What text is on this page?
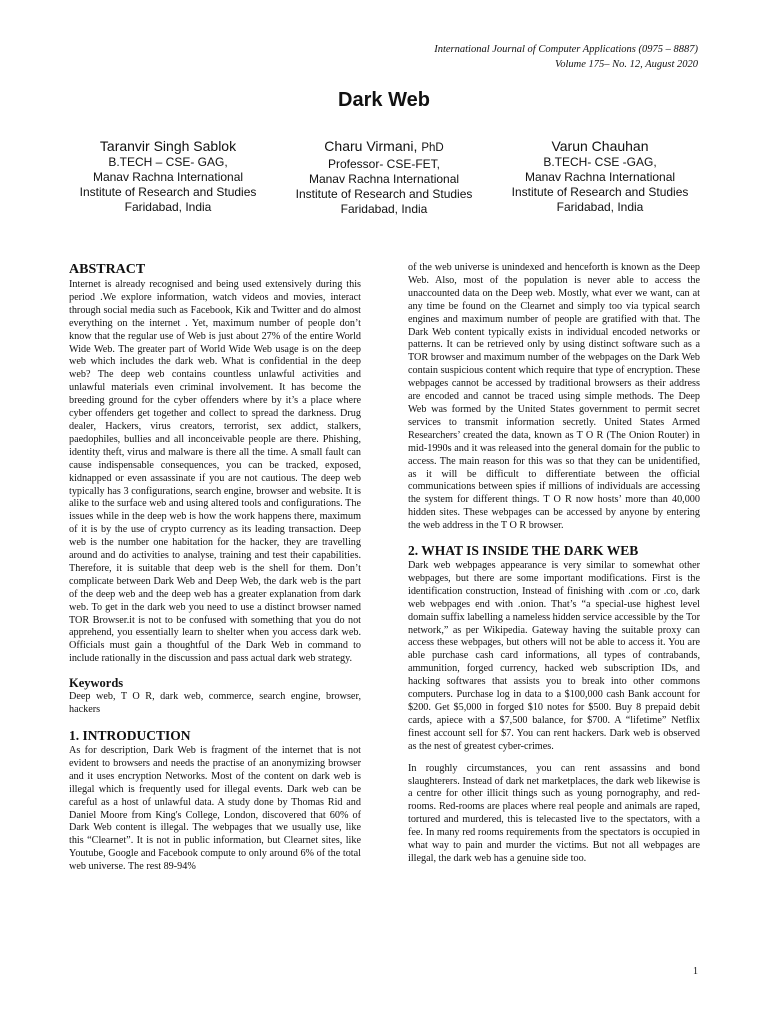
International Journal of Computer Applications (0975 – 8887)
Volume 175– No. 12, August 2020
Dark Web
Taranvir Singh Sablok
B.TECH – CSE- GAG,
Manav Rachna International
Institute of Research and Studies
Faridabad, India
Charu Virmani, PhD
Professor- CSE-FET,
Manav Rachna International
Institute of Research and Studies
Faridabad, India
Varun Chauhan
B.TECH- CSE -GAG,
Manav Rachna International
Institute of Research and Studies
Faridabad, India
ABSTRACT

Internet is already recognised and being used extensively during this period .We explore information, watch videos and movies, interact through social media such as Facebook, Kik and Twitter and do almost everything on the internet . Yet, maximum number of people don’t know that the regular use of Web is just about 27% of the entire World Wide Web. The greater part of World Wide Web usage is on the deep web which includes the dark web. What is confidential in the deep web? The deep web contains countless unlawful activities and unlawful materials even criminal involvement. It has become the breeding ground for the cyber offenders where by it’s a place where cyber offenders get together and collect to spread the darkness. Drug dealer, Hackers, virus creators, terrorist, sex addict, stalkers, paedophiles, bullies and all inconceivable people are there. Phishing, identity theft, virus and malware is there all the time. A small fault can cause indispensable consequences, you can be tracked, exposed, kidnapped or even assassinate if you are not cautious. The deep web typically has 3 configurations, search engine, browser and website. It is alike to the surface web and using altered tools and configurations. The issues while in the deep web is how the work happens there, maximum of it is by the use of crypto currency as its leading transaction. Deep web is the number one habitation for the hacker, they are travelling around and do activities to analyse, training and test their capabilities. Therefore, it is suitable that deep web is the shell for them. Don’t complicate between Dark Web and Deep Web, the dark web is the part of the deep web and the deep web has a greater explanation from dark web. To get in the dark web you need to use a distinct browser named TOR Browser.it is not to be confused with something that you do not apprehend, you essentially learn to shelter when you access dark web. Officials must gain a thoughtful of the Dark Web in command to include rationally in the discussion and pass actual dark web strategy.

Keywords

Deep web, T O R, dark web, commerce, search engine, browser, hackers

1. INTRODUCTION

As for description, Dark Web is fragment of the internet that is not evident to browsers and needs the practise of an anonymizing browser and it uses encryption Networks. Most of the content on dark web is illegal which is frequently used for illegal events. Dark web can be careful as a host of unlawful data. A study done by Thomas Rid and Daniel Moore from King's College, London, discovered that 60% of Dark Web content is illegal. The webpages that we usually use, like this “Clearnet”. It is not in public information, but Clearnet sites, like Youtube, Google and Facebook compute to only around 6% of the total web universe. The rest 89-94%

of the web universe is unindexed and henceforth is known as the Deep Web. Also, most of the population is never able to access the unaccounted data on the Deep web. Mostly, what ever we want, can at any time be found on the Clearnet and simply too via typical search engines and maximum number of people are gratified with that. The Dark Web content typically exists in individual encoded networks or patterns. It can be retrieved only by using distinct software such as a TOR browser and maximum number of the webpages on the Dark Web contain suspicious content which require that type of encryption. These webpages cannot be accessed by traditional browsers as their address are encoded and cannot be traced using simple methods. The Deep Web was formed by the United States government to permit secret services to transmit information secretly. United States Armed Researchers’ created the data, known as T O R (The Onion Router) in mid-1990s and it was released into the general domain for the public to access. The main reason for this was so that they can be unidentified, as it will be difficult to differentiate between the official communications between spies if millions of individuals are accessing the system for different things. T O R now hosts’ more than 40,000 hidden sites. These webpages can be accessed by anyone by entering the web address in the T O R browser.

2. WHAT IS INSIDE THE DARK WEB

Dark web webpages appearance is very similar to somewhat other webpages, but there are some important modifications. First is the identification construction, Instead of finishing with .com or .co, dark web webpages end with .onion. That’s “a special-use highest level domain suffix labelling a nameless hidden service accessible by the Tor network,” as per Wikipedia. Gateway having the suitable proxy can access these webpages, but others will not be able to access it. You are able purchase cash card informations, all types of contrabands, ammunition, forged currency, hacked web subscription IDs, and hacking softwares that assists you to break into other commons computers. Purchase log in data to a $100,000 cash Bank account for $200. Get $5,000 in forged $10 notes for $500. Buy 8 prepaid debit cards, apiece with a $7,500 balance, for $700. A “lifetime” Netflix finest account sell for $7. You can rent hackers. Dark web is observed as the nest of greatest cyber-crimes.

In roughly circumstances, you can rent assassins and bond slaughterers. Instead of dark net marketplaces, the dark web likewise is a centre for other illicit things such as young pornography, and red-rooms. Red-rooms are places where real people and animals are raped, tortured and murdered, this is telecasted live to the spectators, with a fee. In many red rooms requirements from the spectators is occupied in what way to pain and murder the victims. But not all webpages are illegal, the dark web has a genuine side too.

1
